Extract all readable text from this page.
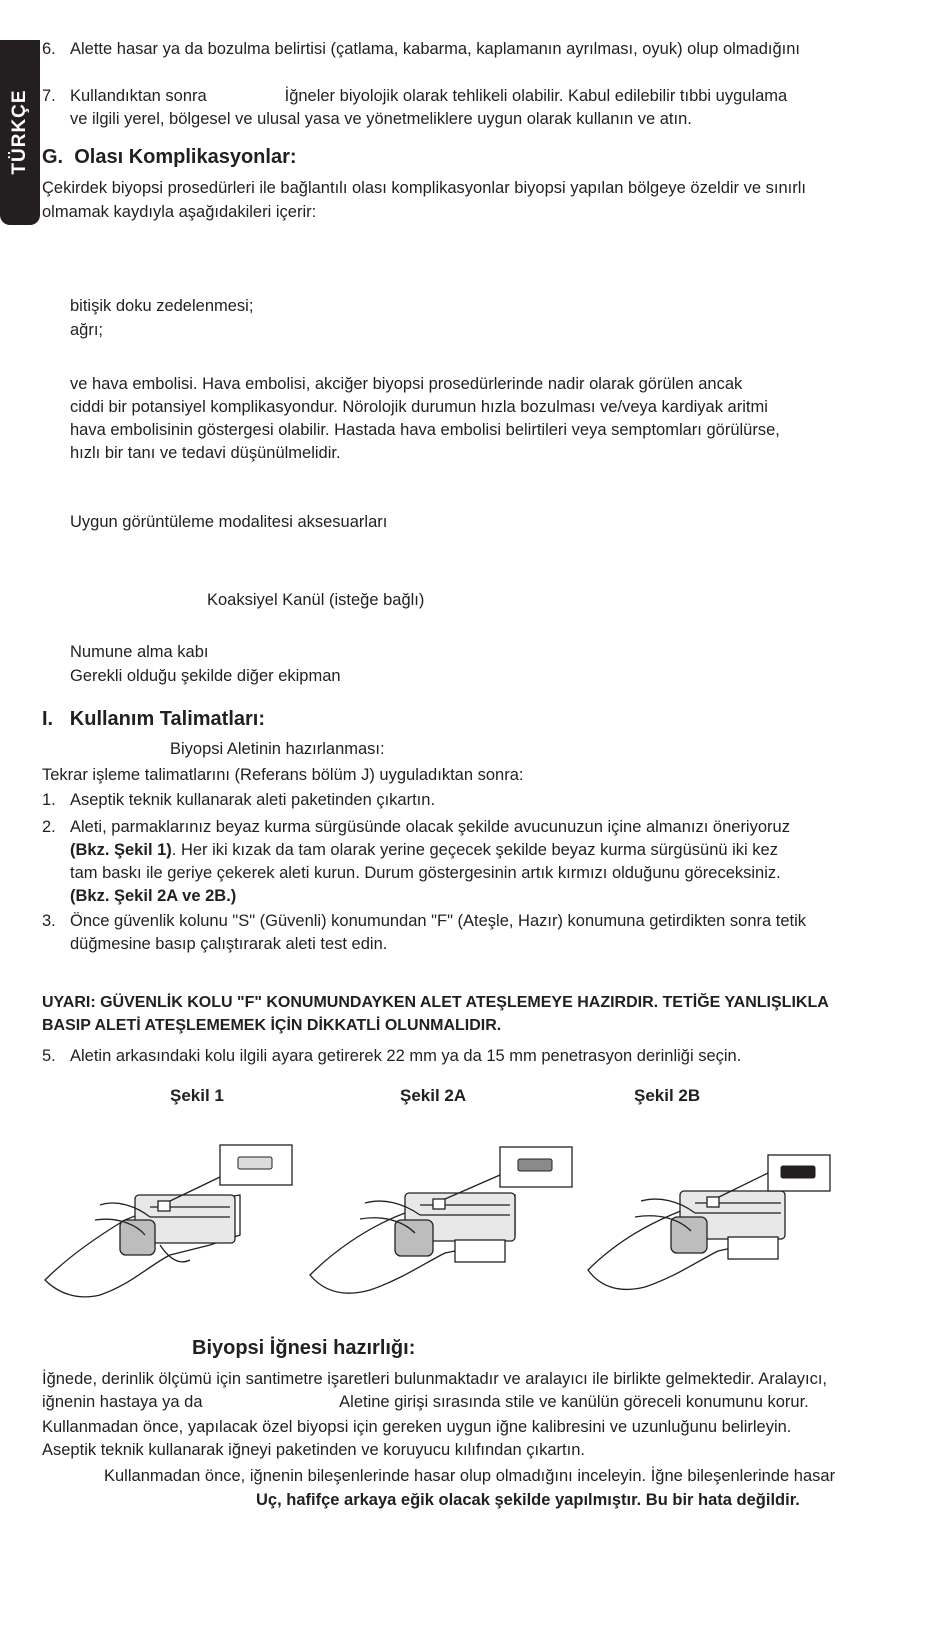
TÜRKÇE
6. Alette hasar ya da bozulma belirtisi (çatlama, kabarma, kaplamanın ayrılması, oyuk) olup olmadığını
7. Kullandıktan sonra                 İğneler biyolojik olarak tehlikeli olabilir. Kabul edilebilir tıbbi uygulama
ve ilgili yerel, bölgesel ve ulusal yasa ve yönetmeliklere uygun olarak kullanın ve atın.
G.  Olası Komplikasyonlar:
Çekirdek biyopsi prosedürleri ile bağlantılı olası komplikasyonlar biyopsi yapılan bölgeye özeldir ve sınırlı
olmamak kaydıyla aşağıdakileri içerir:
bitişik doku zedelenmesi;
ağrı;
ve hava embolisi. Hava embolisi, akciğer biyopsi prosedürlerinde nadir olarak görülen ancak
ciddi bir potansiyel komplikasyondur. Nörolojik durumun hızla bozulması ve/veya kardiyak aritmi
hava embolisinin göstergesi olabilir. Hastada hava embolisi belirtileri veya semptomları görülürse,
hızlı bir tanı ve tedavi düşünülmelidir.
Uygun görüntüleme modalitesi aksesuarları
Koaksiyel Kanül (isteğe bağlı)
Numune alma kabı
Gerekli olduğu şekilde diğer ekipman
I.   Kullanım Talimatları:
Biyopsi Aletinin hazırlanması:
Tekrar işleme talimatlarını (Referans bölüm J) uyguladıktan sonra:
1. Aseptik teknik kullanarak aleti paketinden çıkartın.
2. Aleti, parmaklarınız beyaz kurma sürgüsünde olacak şekilde avucunuzun içine almanızı öneriyoruz
(Bkz. Şekil 1). Her iki kızak da tam olarak yerine geçecek şekilde beyaz kurma sürgüsünü iki kez
tam baskı ile geriye çekerek aleti kurun. Durum göstergesinin artık kırmızı olduğunu göreceksiniz.
(Bkz. Şekil 2A ve 2B.)
3. Önce güvenlik kolunu "S" (Güvenli) konumundan "F" (Ateşle, Hazır) konumuna getirdikten sonra tetik
düğmesine basıp çalıştırarak aleti test edin.
UYARI: GÜVENLİK KOLU "F" KONUMUNDAYKEN ALET ATEŞLEMEYE HAZIRDIR. TETİĞE YANLIŞLIKLA
BASIP ALETİ ATEŞLEMEMEK İÇİN DİKKATLİ OLUNMALIDIR.
5. Aletin arkasındaki kolu ilgili ayara getirerek 22 mm ya da 15 mm penetrasyon derinliği seçin.
Şekil 1	Şekil 2A	Şekil 2B
Biyopsi İğnesi hazırlığı:
İğnede, derinlik ölçümü için santimetre işaretleri bulunmaktadır ve aralayıcı ile birlikte gelmektedir. Aralayıcı,
iğnenin hastaya ya da                              Aletine girişi sırasında stile ve kanülün göreceli konumunu korur.
Kullanmadan önce, yapılacak özel biyopsi için gereken uygun iğne kalibresini ve uzunluğunu belirleyin.
Aseptik teknik kullanarak iğneyi paketinden ve koruyucu kılıfından çıkartın.
Kullanmadan önce, iğnenin bileşenlerinde hasar olup olmadığını inceleyin. İğne bileşenlerinde hasar
Uç, hafifçe arkaya eğik olacak şekilde yapılmıştır. Bu bir hata değildir.
